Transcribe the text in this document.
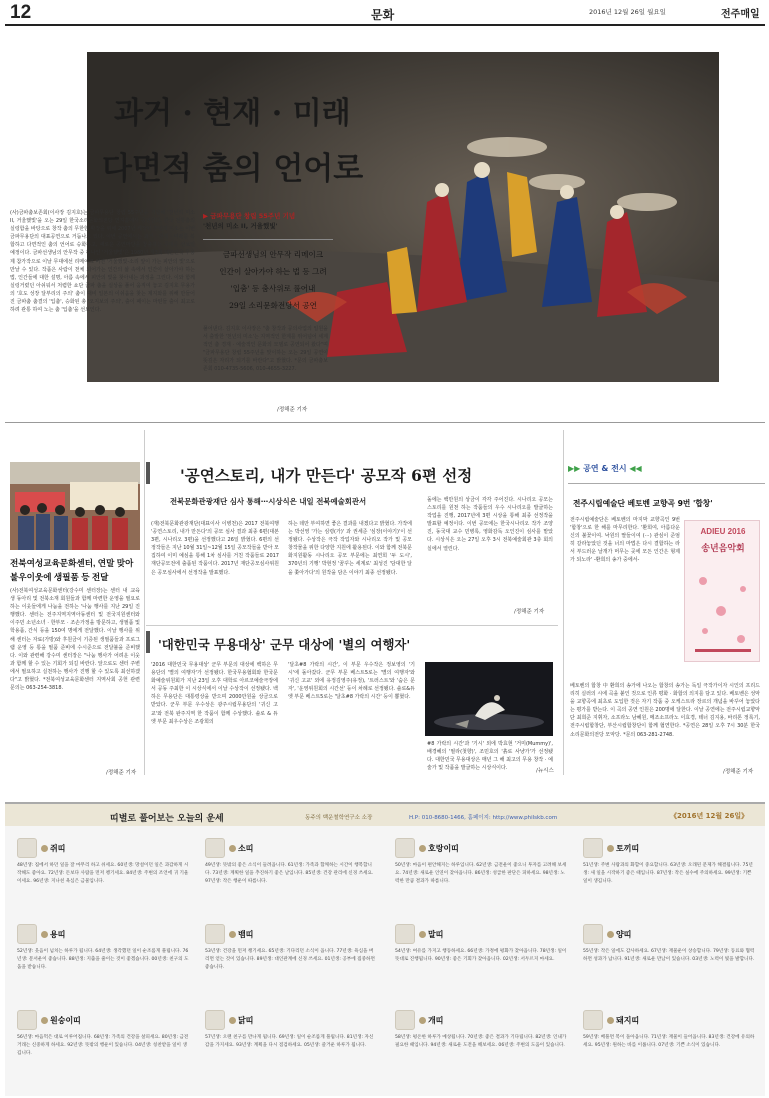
12	문화	2016년 12월 26일 월요일	전주매일
과거 · 현재 · 미래
다면적 춤의 언어로
(사)금파춤보존회(이사장 김지호)는 금파무용단 창립 55주년을 기념해 '천년의 미소 II, 거울했빛'을 오는 29일 한국소리문화의전당 연지홀에서 공연한다. 한국 전통춤의 실렁함을 바탕으로 창작 춤의 무한한 확장을 위해 2007년 제작된 천년의 미소는 이번 금파무용단의 대표공연으로 거듭나고 있다. 이번 공연에서는 과거 · 현재 · 미래를 복합하고 다면적인 춤의 언어로 승화하고, 새로운 공연마당을 창출하는 무대를 선보일 예정이다. 금파선생님의 안무작 중 하나인 '거울했빛'은 1980년 제3회 대한민국 무용제 참가작으로 이날 무대에선 리메이크 버전 '거울했빛-소리 앞이 가는 피안의 빛'으로 만날 수 있다. 작품은 사람이 천체 되어가는 인간의 삶 속에서 인간이 살아가야 하는 법, 인간들에 대한 설명, 아름 속에서 피안의 빛을 찾아내는 과정을 그린다. 이와 함께 실렁거렸던 아쉬워서 처렴한 쇼단 금파 춤을 실상을 풀어 움직여 놓고 김지호 무용가의 '호도 성장 달부리의 주의' 춤이 대비 일본의 이쉬움을 찾는 제지와를 위해 만들어진 금파춤 춤결의 '입춤', 승화된 총 '오지보의 주의', 출이 패이는 마틴들 출이 최고로 하려 관통 하여 노는 춤 '입춤'을 선보인다.
▶ 금파무용단 창립 55주년 기념
'천년의 미소 II, 거울했빛'
금파선생님의 안무작 리메이크
인간이 살아가야 하는 법 등 그려
'입춤' 등 춤사위로 풀어내
29일 소리문화전당서 공연
풀어낸다. 김지호 이사장은 "춤 창작과 공의사업의 일원을 서 출발한 '천년의 미소'는 지역적인 한계를 뛰어넘어 세계적인 춤 경재 · 예술적인 문화의 모델로 공연되어 왔다"며 "금파무용단 창립 55주년을 맞이하는 오는 29일 공연이 뜻깊은 자리가 되기를 바란다"고 밝혔다. *문의 금파춤보존회 010-4735-5606, 010-4655-3227.
/정해준 기자
전북여성교육문화센터, 연말 맞아 불우이웃에 생필품 등 전달
(사)전북여성교육문화센터(강수미 센터장)는 센터 내 교육생 동아리 및 전북소재 회원들과 함께 마련한 운영을 필요로 하는 이웃들에게 나눔을 전하는 '나눔 행사를 지난 29일 진행했다. 센터는 전주지역지역아동센터 및 전국지원센터와 이주민 소년소녀 · 한부모 · 조손가정을 방문하고, 생필품 및 학용품, 간식 등을 150여 명에게 전달했다. 이날 행사를 위해 센터는 자료(가방)와 후원금이 기증된 생필품들과 프로그램 운영 등 통을 필품 준비에 수시준으로 전달불을 준비했다. 이와 관련해 강수미 센터장은 "나눔 행사가 어려운 이웃과 함께 할 수 있는 기회가 되길 바란다. 앞으로도 센터 주변에서 필요하고 실천하는 행사가 진행 할 수 있도록 최선하겠다"고 밝혔다. *전북여성교육문화센터 지역사회 공헌 관련 문의는 063-254-3818.
/정해준 기자
'공연스토리, 내가 만든다' 공모작 6편 선정
전북문화관광재단 심사 통해⋯시상식은 내일 전북예술회관서
(재)전북문화관광재단(대표이사 이병천)은 2017 전북여행 '공연스토리, 내가 만든다'의 공모 심사 결과 최종 6편(대본 3편, 시나리오 3편)을 선정했다고 26일 밝혔다. 6편의 선정작들은 지난 10월 31일~12월 15일 공모작들을 받아 모집하여 이미 예심을 통해 1차 심사를 거친 작품들로 2017 재단공모전에 출품된 작품이다. 2017년 재단공모심사위원은 공모심사에서 선정작을 발표했다.
하는 데만 부여하면 좋은 결과를 내겠다고 밝혔다. 가작에는 박선영 '가는 심령(가)' 과 권세준 '심장(이야기)'이 선정됐다. 수상작은 극작 작업자와 시나리오 작가 및 공모 창작물을 위한 다양한 지원에 활용된다. 이와 함께 전북문화지원활동 시나리오 공모 부문에는 최연희 '두 도시', 370년의 기행' 박현정 '꿈꾸는 세계로' 최성진 '담대한 달을 쫓아가다'의 원작을 담은 이야기 최종 선정됐다.
돌에는 백만원의 상금이 각각 주어진다. 시나리오 공모는 스토리를 원천 하는 작품들의 우수 시나리오를 발굴하는 작업을 진행, 2017년에 3편 시상을 통해 최종 선정작을 발표할 예정이다. 이번 공모에는 한국시나리오 작가 조양진, 동국대 교수 민병록, 영화감독 오인진이 심사를 맡았다. 시상식은 오는 27일 오후 3시 전북예술회관 3층 회의실에서 열린다.
/정해준 기자
'대한민국 무용대상' 군무 대상에 '별의 여행자'
'2016 대한민국 무용대상' 군무 부문의 대상에 백하은 무용단의 '별의 여행자'가 선정됐다. 한국무용협회와 한국문화예술위원회가 지난 23일 오후 대학로 아르코예술극장에서 공동 주최한 이 시상식에서 이날 수상작이 선정됐다. 백하은 무용단은 대통령상을 받으며 2000만원을 상금으로 받았다. 군무 부문 우수상은 광주시립무용단의 '귀신 고교'와 전북 완주지역 한 작품이 함께 수상했다. 솔로 & 듀엣 부문 최우수상은 조광희의
'달초#8 가락의 시간', 이 부문 우수작은 정보영의 '기시'에 돌아갔다. 군무 부문 베스트5로는 '별의 여행자'와 '귀신 고교' 외에 유정김영주(유정), '트러스트'와 '숨은 문자', '운영위원회의 시간선' 등이 차례로 선정됐다. 솔로&듀엣 부문 베스트5로는 '달초#8 가락의 시간' 등이 뽑혔다.
#8 가락의 시간'과 '기시' 외에 박효현 '거미(Mummy)', 배경혜의 '필라(첫향)', 조민호의 '흙로 사냥가'가 선정됐다. 대한민국 무용대상은 매년 그 해 최고의 무용 창작 · 예술가 및 작품을 발굴하는 시상식이다.	/뉴시스
▶▶ 공연 & 전시 ◀◀
전주시립예술단 베토벤 교향곡 9번 '합창'
전주시립예술단은 베토벤의 마지막 교향곡인 9번 '합창'으로 한 해를 마무리한다. '환희여, 아름다운 신의 불꽃이여. 낙원의 딸들이여 (⋯) 관심이 준엄히 갈라놓았던 것을 너의 마법은 다시 결합하는 라서 부드러운 날개가 머무는 곳에 모든 인간은 형제가 되노라' -환희의 송가 중에서-
ADIEU 2016
송년음악회
베토벤의 합창 中 환희의 송가에 나오는 합창의 송가는 독일 극작가이자 시인의 프리드리히 실러의 시에 곡을 붙인 것으로 인류 평화 · 화합의 의지를 담고 있다. 베토벤은 성악을 교향곡에 최초로 도입한 것은 자기 작품 중 오케스트라 장르의 개념을 바꾸어 놓았다는 평가를 받는다. 이 곡의 공연 인원은 200명에 달한다. 이날 공연에는 전주시립교향악단 최희준 지휘자, 소프라노 남혜원, 메조소프라노 이효경, 테너 김지용, 바리톤 정록기, 전주시립합창단, 부산시립합창단이 함께 협연한다. *공연은 28일 오후 7시 30분 한국소리문화의전당 모악당. *문의 063-281-2748.
/정해준 기자
띠별로 풀어보는 오늘의 운세	동주의 백운철학연구소 소장	H.P: 010-8680-1466, 홈페이지: http://www.philskb.com	《2016년 12월 26일》
쥐띠
48년생: 집에서 하던 일을 잘 마무리 하고 쉬세요. 60년생: 망설이던 일은 과감하게 시작해도 좋아요. 72년생: 돈보다 사람을 먼저 챙기세요. 84년생: 주변의 조언에 귀 기울이세요. 96년생: 지나친 욕심은 금물입니다.
소띠
49년생: 뜻밖의 좋은 소식이 들려옵니다. 61년생: 가족과 함께하는 시간이 행복합니다. 73년생: 계획한 일을 추진하기 좋은 날입니다. 85년생: 건강 관리에 신경 쓰세요. 97년생: 작은 행운이 따릅니다.
호랑이띠
50년생: 마음이 편안해지는 하루입니다. 62년생: 금전운이 좋으니 투자를 고려해 보세요. 74년생: 새로운 인연이 찾아옵니다. 86년생: 성급한 판단은 피하세요. 98년생: 노력한 만큼 결과가 따릅니다.
토끼띠
51년생: 주변 사람과의 화합이 중요합니다. 63년생: 오래된 문제가 해결됩니다. 75년생: 새 일을 시작하기 좋은 때입니다. 87년생: 작은 실수에 주의하세요. 99년생: 기쁜 일이 생깁니다.
용띠
52년생: 웃음이 넘치는 하루가 됩니다. 64년생: 생각했던 일이 순조롭게 풀립니다. 76년생: 문서운이 좋습니다. 88년생: 지출을 줄이는 것이 좋겠습니다. 00년생: 친구의 도움을 받습니다.
뱀띠
53년생: 건강을 먼저 챙기세요. 65년생: 기다리던 소식이 옵니다. 77년생: 욕심을 버리면 얻는 것이 있습니다. 89년생: 대인관계에 신경 쓰세요. 01년생: 공부에 집중하면 좋습니다.
말띠
54년생: 여유를 가지고 행동하세요. 66년생: 가정에 평화가 찾아옵니다. 78년생: 일이 뜻대로 진행됩니다. 90년생: 좋은 기회가 찾아옵니다. 02년생: 서두르지 마세요.
양띠
55년생: 작은 일에도 감사하세요. 67년생: 재물운이 상승합니다. 79년생: 동료와 협력하면 성과가 납니다. 91년생: 새로운 만남이 있습니다. 03년생: 노력이 빛을 발합니다.
원숭이띠
56년생: 마음먹은 대로 이루어집니다. 68년생: 가족의 건강을 살피세요. 80년생: 금전 거래는 신중하게 하세요. 92년생: 뜻밖의 행운이 있습니다. 04년생: 칭찬받을 일이 생깁니다.
닭띠
57년생: 오랜 친구를 만나게 됩니다. 69년생: 일이 순조롭게 풀립니다. 81년생: 자신감을 가지세요. 93년생: 계획을 다시 점검하세요. 05년생: 즐거운 하루가 됩니다.
개띠
58년생: 평온한 하루가 예상됩니다. 70년생: 좋은 결과가 기다립니다. 82년생: 인내가 필요한 때입니다. 94년생: 새로운 도전을 해보세요. 06년생: 주변의 도움이 있습니다.
돼지띠
59년생: 베풀면 복이 돌아옵니다. 71년생: 재물이 들어옵니다. 83년생: 건강에 유의하세요. 95년생: 원하는 바를 이룹니다. 07년생: 기쁜 소식이 있습니다.
